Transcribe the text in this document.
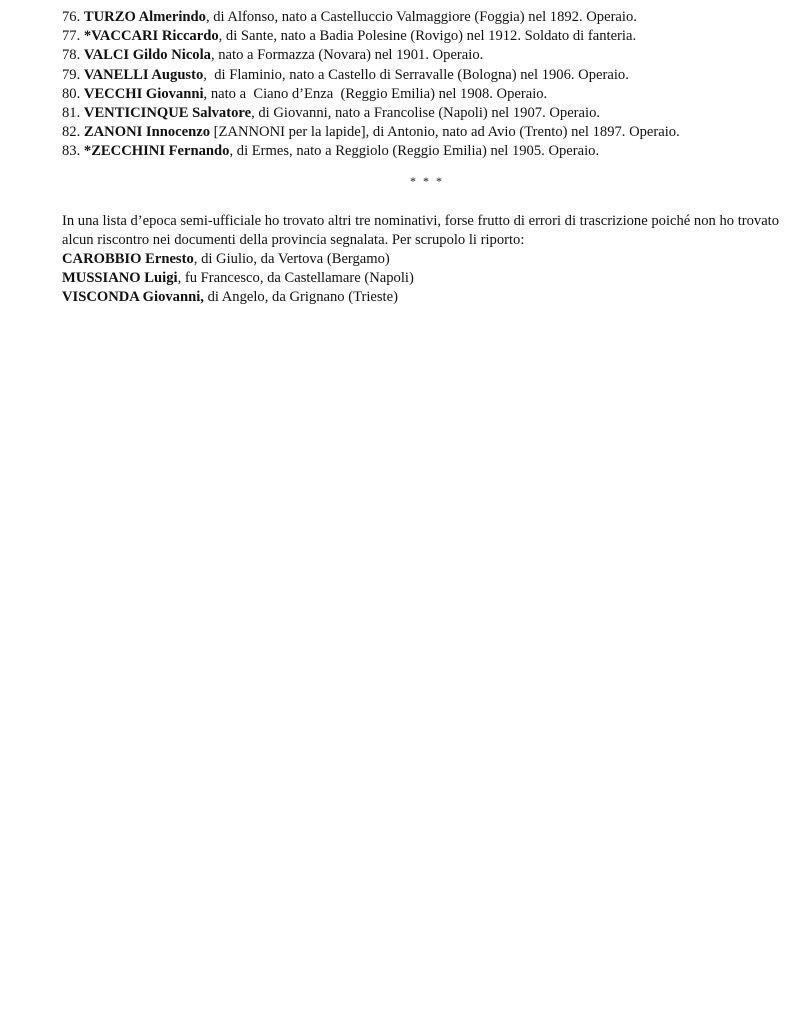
76. TURZO Almerindo, di Alfonso, nato a Castelluccio Valmaggiore (Foggia) nel 1892. Operaio.
77. *VACCARI Riccardo, di Sante, nato a Badia Polesine (Rovigo) nel 1912. Soldato di fanteria.
78. VALCI Gildo Nicola, nato a Formazza (Novara) nel 1901. Operaio.
79. VANELLI Augusto,  di Flaminio, nato a Castello di Serravalle (Bologna) nel 1906. Operaio.
80. VECCHI Giovanni, nato a  Ciano d’Enza  (Reggio Emilia) nel 1908. Operaio.
81. VENTICINQUE Salvatore, di Giovanni, nato a Francolise (Napoli) nel 1907. Operaio.
82. ZANONI Innocenzo [ZANNONI per la lapide], di Antonio, nato ad Avio (Trento) nel 1897. Operaio.
83. *ZECCHINI Fernando, di Ermes, nato a Reggiolo (Reggio Emilia) nel 1905. Operaio.
* * *

In una lista d’epoca semi-ufficiale ho trovato altri tre nominativi, forse frutto di errori di trascrizione poiché non ho trovato alcun riscontro nei documenti della provincia segnalata. Per scrupolo li riporto:

CAROBBIO Ernesto, di Giulio, da Vertova (Bergamo)
MUSSIANO Luigi, fu Francesco, da Castellamare (Napoli)
VISCONDA Giovanni, di Angelo, da Grignano (Trieste)
